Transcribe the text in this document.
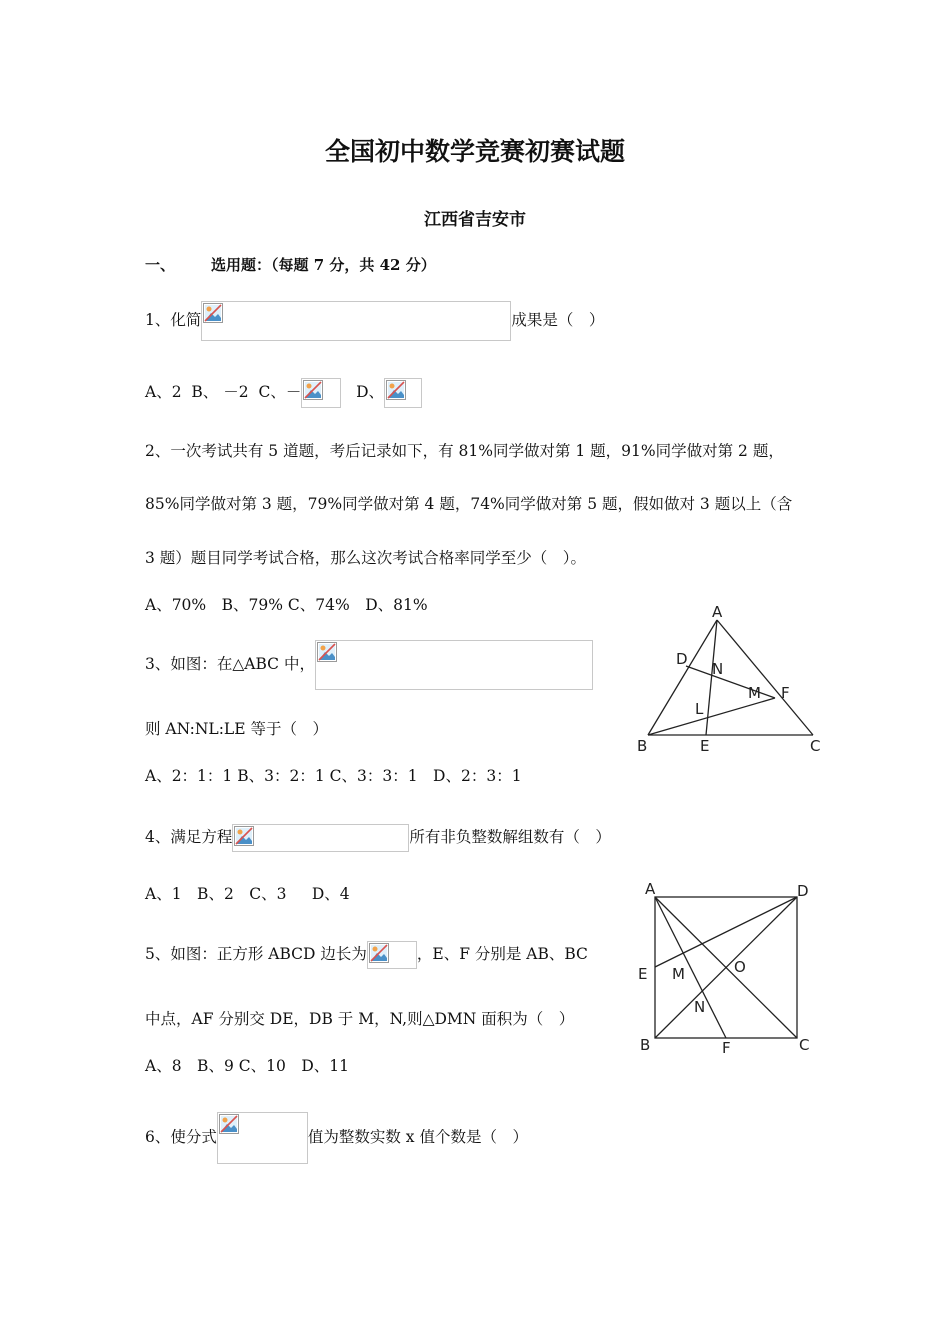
全国初中数学竞赛初赛试题
江西省吉安市
一、 选用题：（每题 7 分，共 42 分）
1、化简	成果是（　）
A、2 B、 －2 C、－	D、
2、一次考试共有 5 道题，考后记录如下，有 81%同学做对第 1 题，91%同学做对第 2 题，
85%同学做对第 3 题，79%同学做对第 4 题，74%同学做对第 5 题，假如做对 3 题以上（含
3 题）题目同学考试合格，那么这次考试合格率同学至少（　）。
A、70%　B、79% C、74%　D、81%
3、如图：在△ABC 中，
则 AN:NL:LE 等于（　）
A、2：1：1 B、3：2：1 C、3：3：1　D、2：3：1
A
B	C
D
E
F
L
M
N
4、满足方程	所有非负整数解组数有（　）
A、1　B、2　C、3 　 D、4	A	D
B	C
E
F
M
N
O
5、如图：正方形 ABCD 边长为	，E、F 分别是 AB、BC
中点，AF 分别交 DE，DB 于 M，N,则△DMN 面积为（　）
A、8　B、9 C、10　D、11
6、使分式	值为整数实数 x 值个数是（　）
